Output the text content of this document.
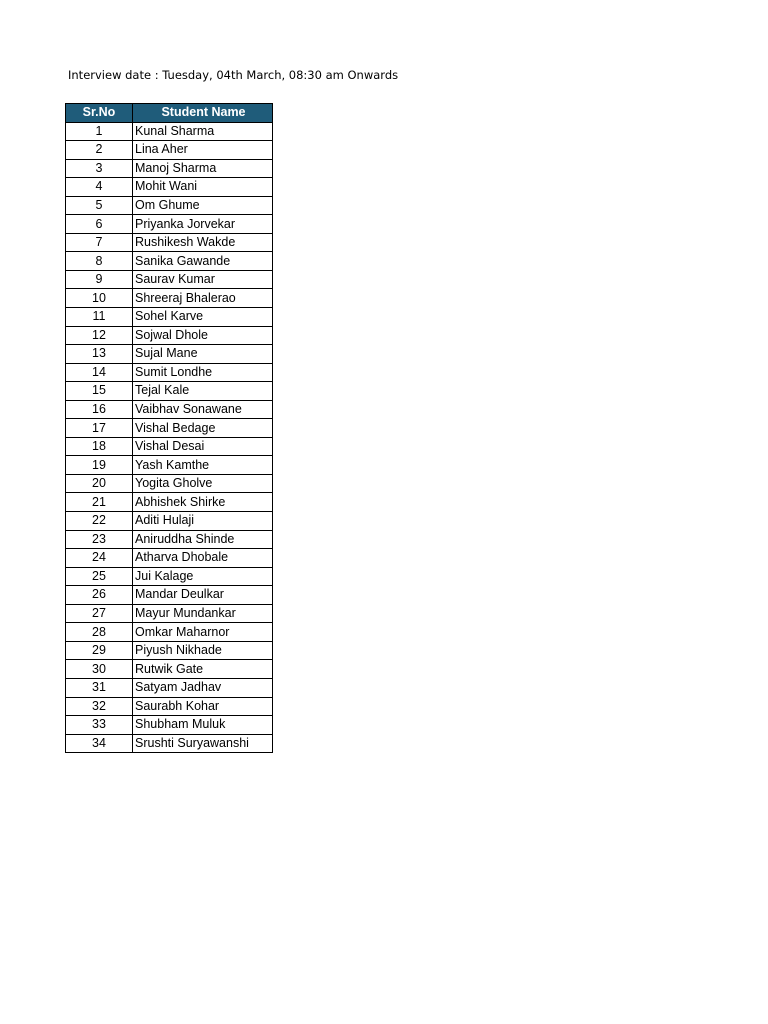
Interview date : Tuesday, 04th March, 08:30 am Onwards
Sr.No	Student Name
1	Kunal Sharma
2	Lina Aher
3	Manoj Sharma
4	Mohit Wani
5	Om Ghume
6	Priyanka Jorvekar
7	Rushikesh Wakde
8	Sanika Gawande
9	Saurav Kumar
10	Shreeraj Bhalerao
11	Sohel Karve
12	Sojwal Dhole
13	Sujal Mane
14	Sumit Londhe
15	Tejal Kale
16	Vaibhav Sonawane
17	Vishal Bedage
18	Vishal Desai
19	Yash Kamthe
20	Yogita Gholve
21	Abhishek Shirke
22	Aditi Hulaji
23	Aniruddha Shinde
24	Atharva Dhobale
25	Jui Kalage
26	Mandar Deulkar
27	Mayur Mundankar
28	Omkar Maharnor
29	Piyush Nikhade
30	Rutwik Gate
31	Satyam Jadhav
32	Saurabh Kohar
33	Shubham Muluk
34	Srushti Suryawanshi
